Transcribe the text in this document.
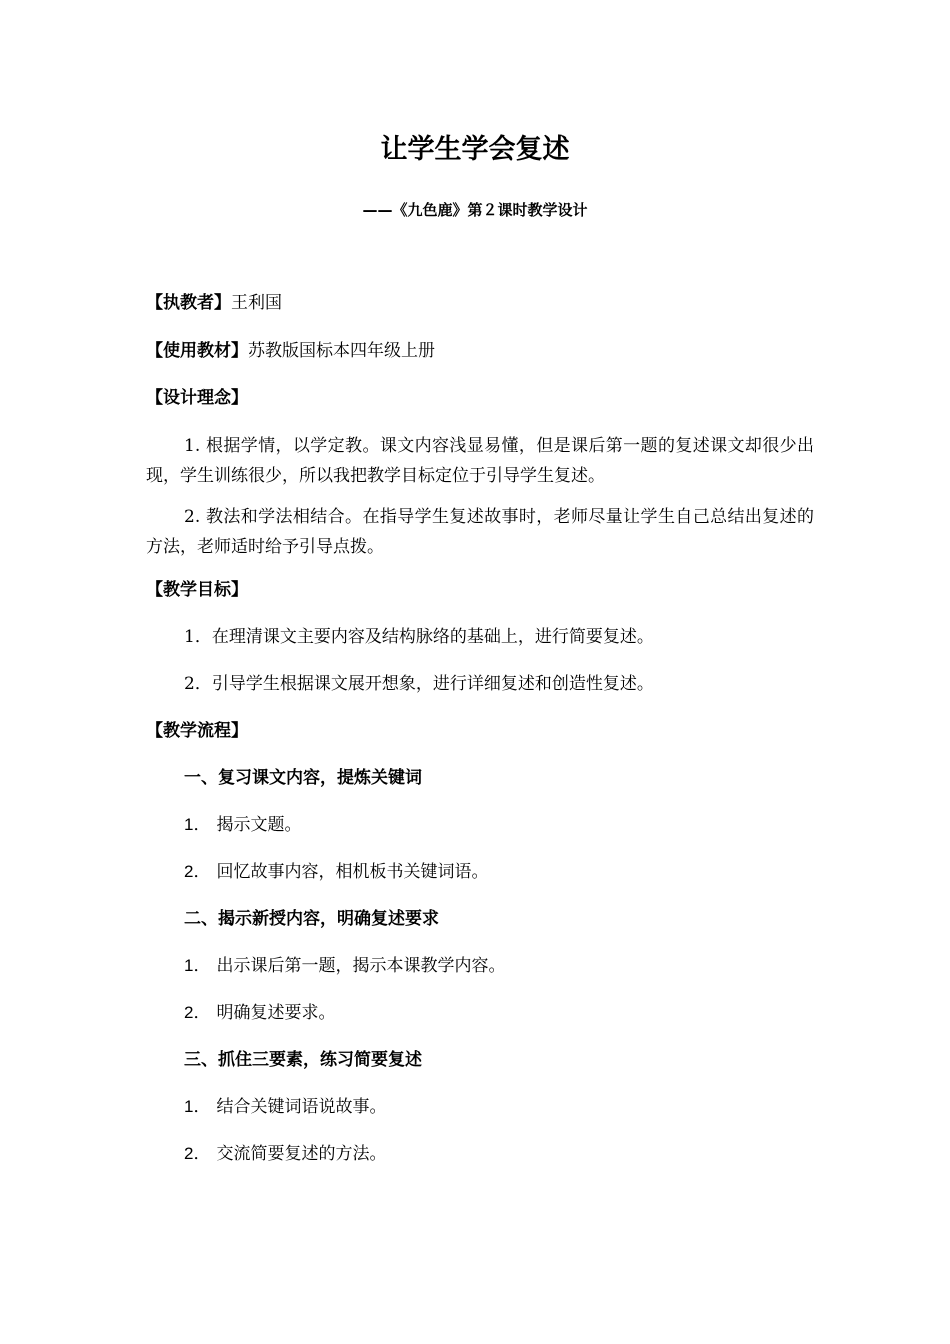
让学生学会复述
——《九色鹿》第２课时教学设计
【执教者】王利国
【使用教材】苏教版国标本四年级上册
【设计理念】
1. 根据学情，以学定教。课文内容浅显易懂，但是课后第一题的复述课文却很少出现，学生训练很少，所以我把教学目标定位于引导学生复述。
2. 教法和学法相结合。在指导学生复述故事时，老师尽量让学生自己总结出复述的方法，老师适时给予引导点拨。
【教学目标】
1．在理清课文主要内容及结构脉络的基础上，进行简要复述。
2．引导学生根据课文展开想象，进行详细复述和创造性复述。
【教学流程】
一、复习课文内容，提炼关键词
1． 揭示文题。
2． 回忆故事内容，相机板书关键词语。
二、揭示新授内容，明确复述要求
1． 出示课后第一题，揭示本课教学内容。
2． 明确复述要求。
三、抓住三要素，练习简要复述
1． 结合关键词语说故事。
2． 交流简要复述的方法。
